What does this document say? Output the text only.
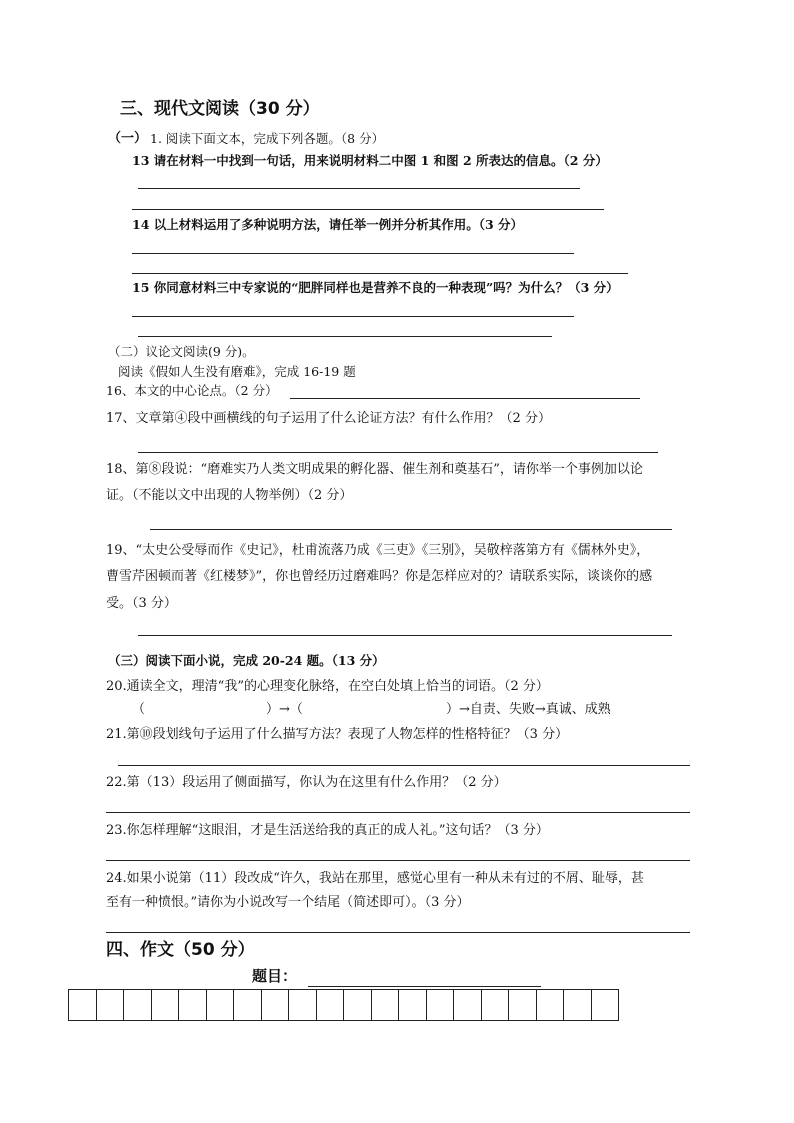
三、现代文阅读（30 分）
（一） 1. 阅读下面文本，完成下列各题。（8 分）
13 请在材料一中找到一句话，用来说明材料二中图 1 和图 2 所表达的信息。（2 分）
14 以上材料运用了多种说明方法，请任举一例并分析其作用。（3 分）
15 你同意材料三中专家说的“肥胖同样也是营养不良的一种表现”吗？为什么？（3 分）
（二）议论文阅读(9 分)。
阅读《假如人生没有磨难》，完成 16-19 题
16、本文的中心论点。（2 分）
17、文章第④段中画横线的句子运用了什么论证方法？有什么作用？（2 分）
18、第⑧段说：“磨难实乃人类文明成果的孵化器、催生剂和奠基石”，请你举一个事例加以论
证。（不能以文中出现的人物举例）（2 分）
19、“太史公受辱而作《史记》，杜甫流落乃成《三吏》《三别》，吴敬梓落第方有《儒林外史》，
曹雪芹困顿而著《红楼梦》”，你也曾经历过磨难吗？你是怎样应对的？请联系实际，谈谈你的感
受。（3 分）
（三）阅读下面小说，完成 20-24 题。（13 分）
20.通读全文，理清“我”的心理变化脉络，在空白处填上恰当的词语。（2 分）
（	）→（	）→自责、失败→真诚、成熟
21.第⑩段划线句子运用了什么描写方法？表现了人物怎样的性格特征？（3 分）
22.第（13）段运用了侧面描写，你认为在这里有什么作用？（2 分）
23.你怎样理解“这眼泪，才是生活送给我的真正的成人礼。”这句话？（3 分）
24.如果小说第（11）段改成“许久，我站在那里，感觉心里有一种从未有过的不屑、耻辱，甚
至有一种愤恨。”请你为小说改写一个结尾（简述即可）。（3 分）
四、作文（50 分）
题目：
